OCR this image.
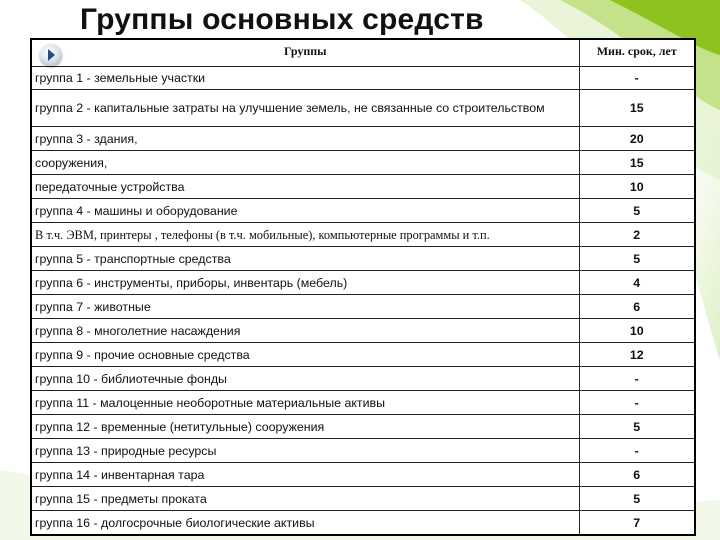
Группы основных средств
Группы	Мин. срок, лет
группа 1 - земельные участки	-
группа 2 - капитальные затраты на улучшение земель, не связанные со строительством	15
группа 3 - здания,	20
сооружения,	15
передаточные устройства	10
группа 4 - машины и оборудование	5
В т.ч. ЭВМ, принтеры , телефоны (в т.ч. мобильные), компьютерные программы и т.п.	2
группа 5 - транспортные средства	5
группа 6 - инструменты, приборы, инвентарь (мебель)	4
группа 7 - животные	6
группа 8 - многолетние насаждения	10
группа 9 - прочие основные средства	12
группа 10 - библиотечные фонды	-
группа 11 - малоценные необоротные материальные активы	-
группа 12 - временные (нетитульные) сооружения	5
группа 13 - природные ресурсы	-
группа 14 - инвентарная тара	6
группа 15 - предметы проката	5
группа 16 - долгосрочные биологические активы	7
